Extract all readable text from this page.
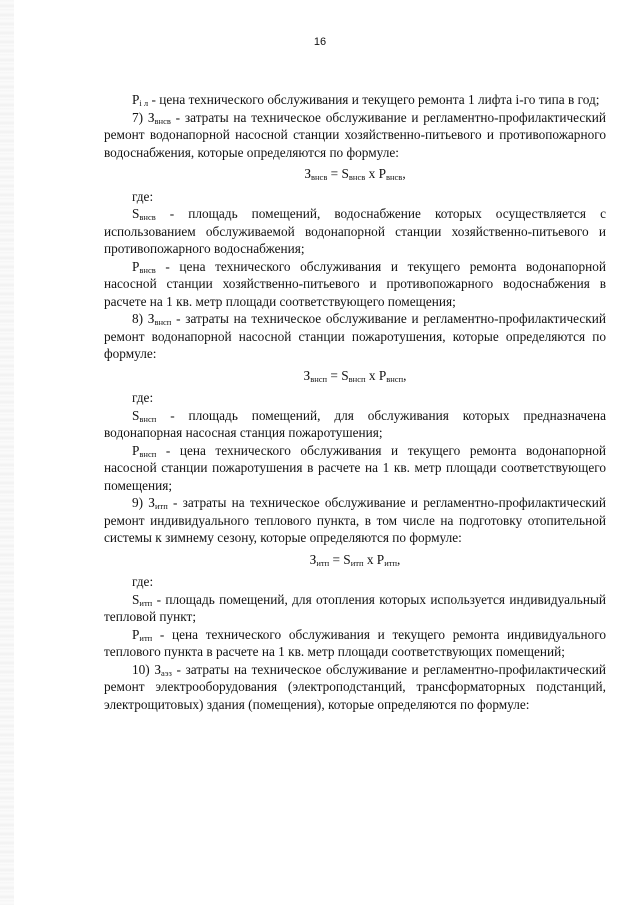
16
$P_{i л}$ - цена технического обслуживания и текущего ремонта 1 лифта i-го типа в год;
7) $З_{внсв}$ - затраты на техническое обслуживание и регламентно-профилактический ремонт водонапорной насосной станции хозяйственно-питьевого и противопожарного водоснабжения, которые определяются по формуле:
$З_{внсв} = S_{внсв}$ x $P_{внсв}$,
где:
$S_{внсв}$ - площадь помещений, водоснабжение которых осуществляется с использованием обслуживаемой водонапорной станции хозяйственно-питьевого и противопожарного водоснабжения;
$P_{внсв}$ - цена технического обслуживания и текущего ремонта водонапорной насосной станции хозяйственно-питьевого и противопожарного водоснабжения в расчете на 1 кв. метр площади соответствующего помещения;
8) $З_{внсп}$ - затраты на техническое обслуживание и регламентно-профилактический ремонт водонапорной насосной станции пожаротушения, которые определяются по формуле:
$З_{внсп} = S_{внсп}$ x $P_{внсп}$,
где:
$S_{внсп}$ - площадь помещений, для обслуживания которых предназначена водонапорная насосная станция пожаротушения;
$P_{внсп}$ - цена технического обслуживания и текущего ремонта водонапорной насосной станции пожаротушения в расчете на 1 кв. метр площади соответствующего помещения;
9) $З_{итп}$ - затраты на техническое обслуживание и регламентно-профилактический ремонт индивидуального теплового пункта, в том числе на подготовку отопительной системы к зимнему сезону, которые определяются по формуле:
$З_{итп} = S_{итп}$ x $P_{итп}$,
где:
$S_{итп}$ - площадь помещений, для отопления которых используется индивидуальный тепловой пункт;
$P_{итп}$ - цена технического обслуживания и текущего ремонта индивидуального теплового пункта в расчете на 1 кв. метр площади соответствующих помещений;
10) $З_{аэз}$ - затраты на техническое обслуживание и регламентно-профилактический ремонт электрооборудования (электроподстанций, трансформаторных подстанций, электрощитовых) здания (помещения), которые определяются по формуле:
